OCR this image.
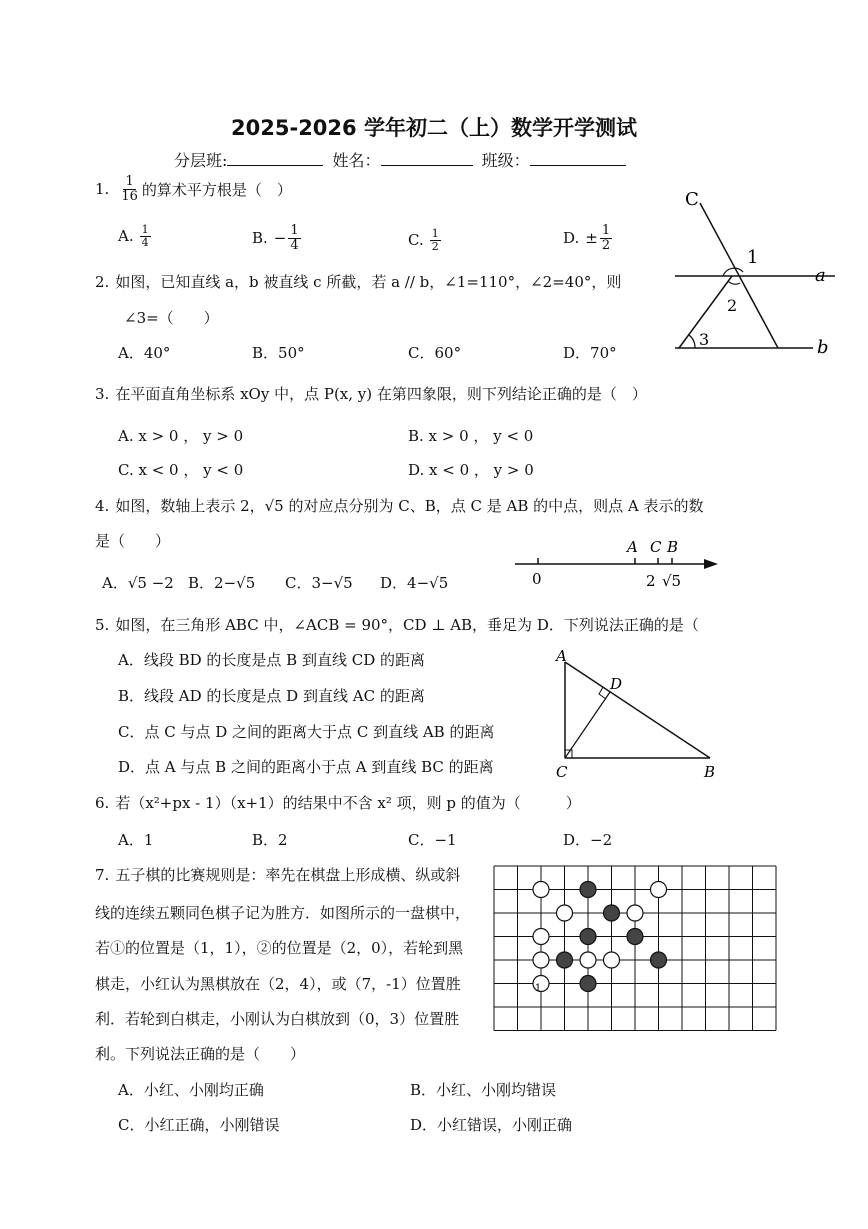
2025-2026 学年初二（上）数学开学测试
分层班:	姓名：	班级：
1. $\frac{1}{16}$ 的算术平方根是（　）
A. $\frac{1}{4}$	B. − $\frac{1}{4}$	C. $\frac{1}{2}$	D. ± $\frac{1}{2}$
C
1
2
3
a
b
2. 如图，已知直线 a，b 被直线 c 所截，若 a // b，∠1=110°，∠2=40°，则
∠3=（　　）
A．40°	B．50°	C．60°	D．70°
3. 在平面直角坐标系 xOy 中，点 P(x, y) 在第四象限，则下列结论正确的是（　）
A. x > 0 ， y > 0	B. x > 0 ， y < 0
C. x < 0 ， y < 0	D. x < 0 ， y > 0
4. 如图，数轴上表示 2，√5 的对应点分别为 C、B，点 C 是 AB 的中点，则点 A 表示的数
是（　　）
A．√5 −2 B．2−√5 C．3−√5 D．4−√5	0
A C B
2 √5
5. 如图，在三角形 ABC 中，∠ACB = 90°，CD ⊥ AB，垂足为 D．下列说法正确的是（
A．线段 BD 的长度是点 B 到直线 CD 的距离
B．线段 AD 的长度是点 D 到直线 AC 的距离
C．点 C 与点 D 之间的距离大于点 C 到直线 AB 的距离
D．点 A 与点 B 之间的距离小于点 A 到直线 BC 的距离
A
D
C	B
6. 若（x²+px - 1）（x+1）的结果中不含 x² 项，则 p 的值为（　　　）
A．1	B．2	C．−1	D．−2
7. 五子棋的比赛规则是：率先在棋盘上形成横、纵或斜
线的连续五颗同色棋子记为胜方．如图所示的一盘棋中，
若①的位置是（1，1），②的位置是（2，0），若轮到黑
棋走，小红认为黑棋放在（2，4），或（7，-1）位置胜
利．若轮到白棋走，小刚认为白棋放到（0，3）位置胜
利。下列说法正确的是（　　）
A．小红、小刚均正确	B．小红、小刚均错误
C．小红正确，小刚错误	D．小红错误，小刚正确
1
